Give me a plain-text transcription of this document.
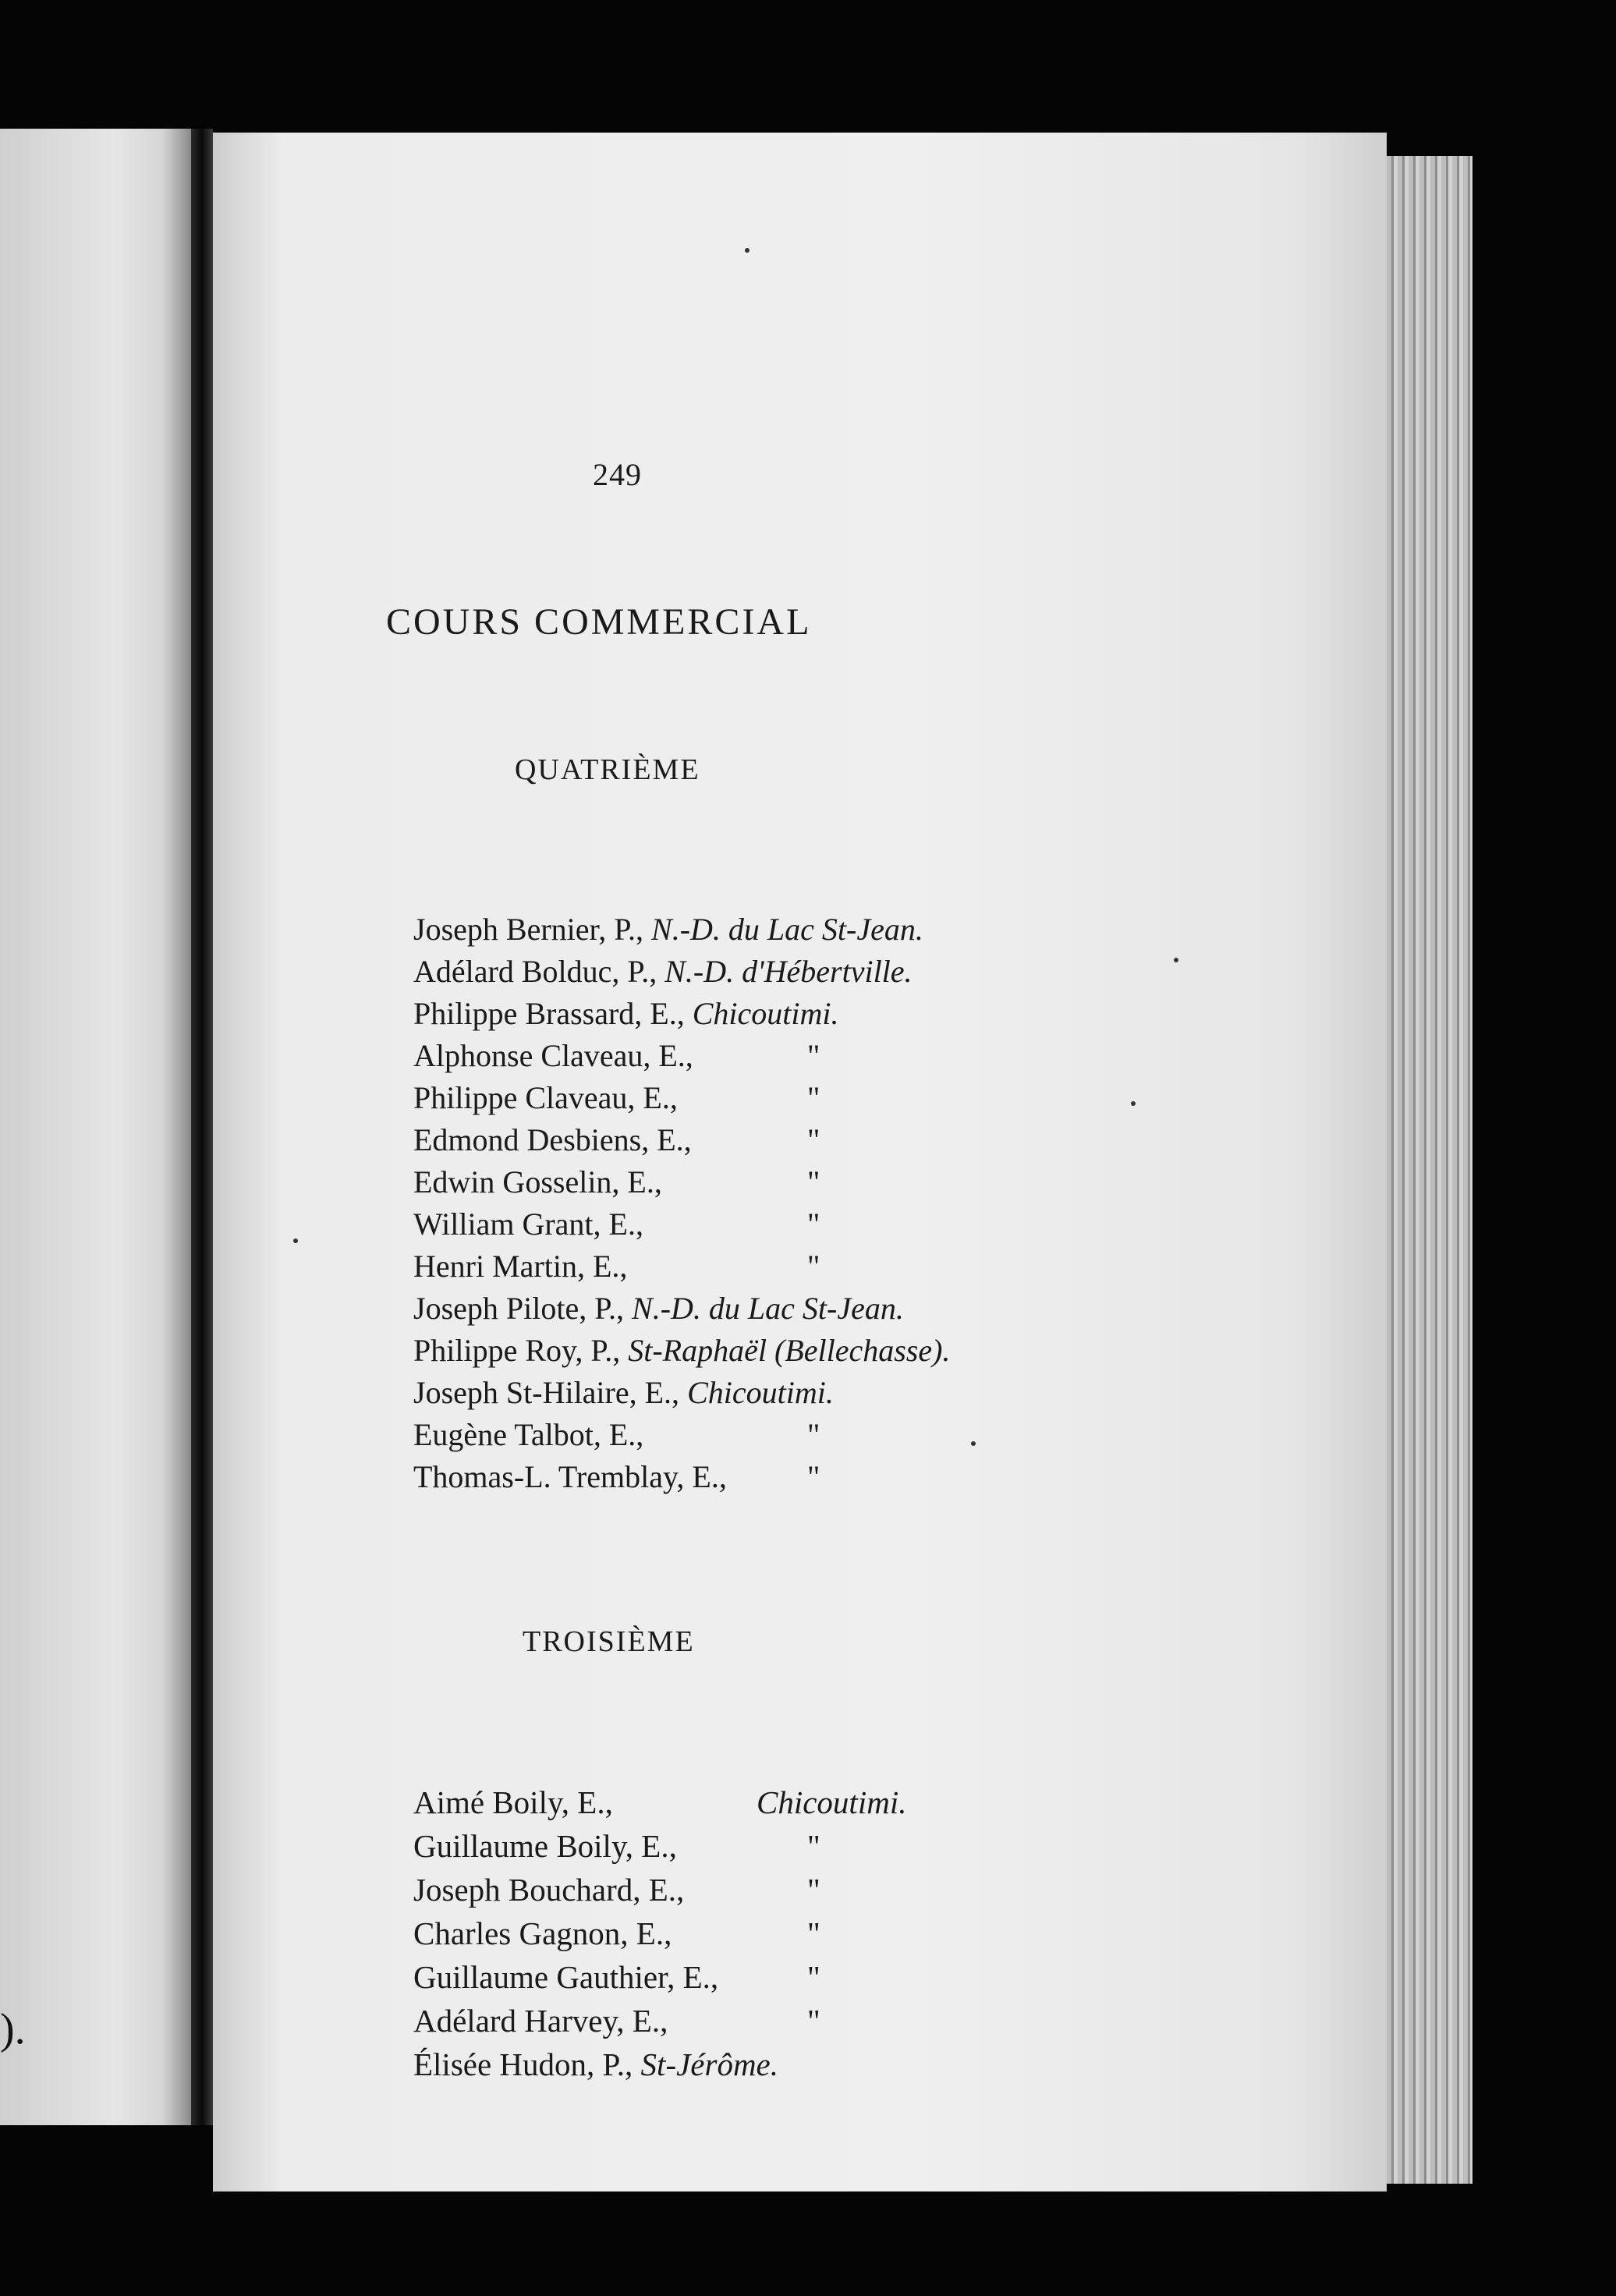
).
249
COURS COMMERCIAL
QUATRIÈME
Joseph Bernier, P., N.-D. du Lac St-Jean.
Adélard Bolduc, P., N.-D. d'Hébertville.
Philippe Brassard, E., Chicoutimi.
Alphonse Claveau, E.,	"
Philippe Claveau, E.,	"
Edmond Desbiens, E.,	"
Edwin Gosselin, E.,	"
William Grant, E.,	"
Henri Martin, E.,	"
Joseph Pilote, P., N.-D. du Lac St-Jean.
Philippe Roy, P., St-Raphaël (Bellechasse).
Joseph St-Hilaire, E., Chicoutimi.
Eugène Talbot, E.,	"
Thomas-L. Tremblay, E.,	"
TROISIÈME
Aimé Boily, E.,	Chicoutimi.
Guillaume Boily, E.,	"
Joseph Bouchard, E.,	"
Charles Gagnon, E.,	"
Guillaume Gauthier, E.,	"
Adélard Harvey, E.,	"
Élisée Hudon, P., St-Jérôme.
